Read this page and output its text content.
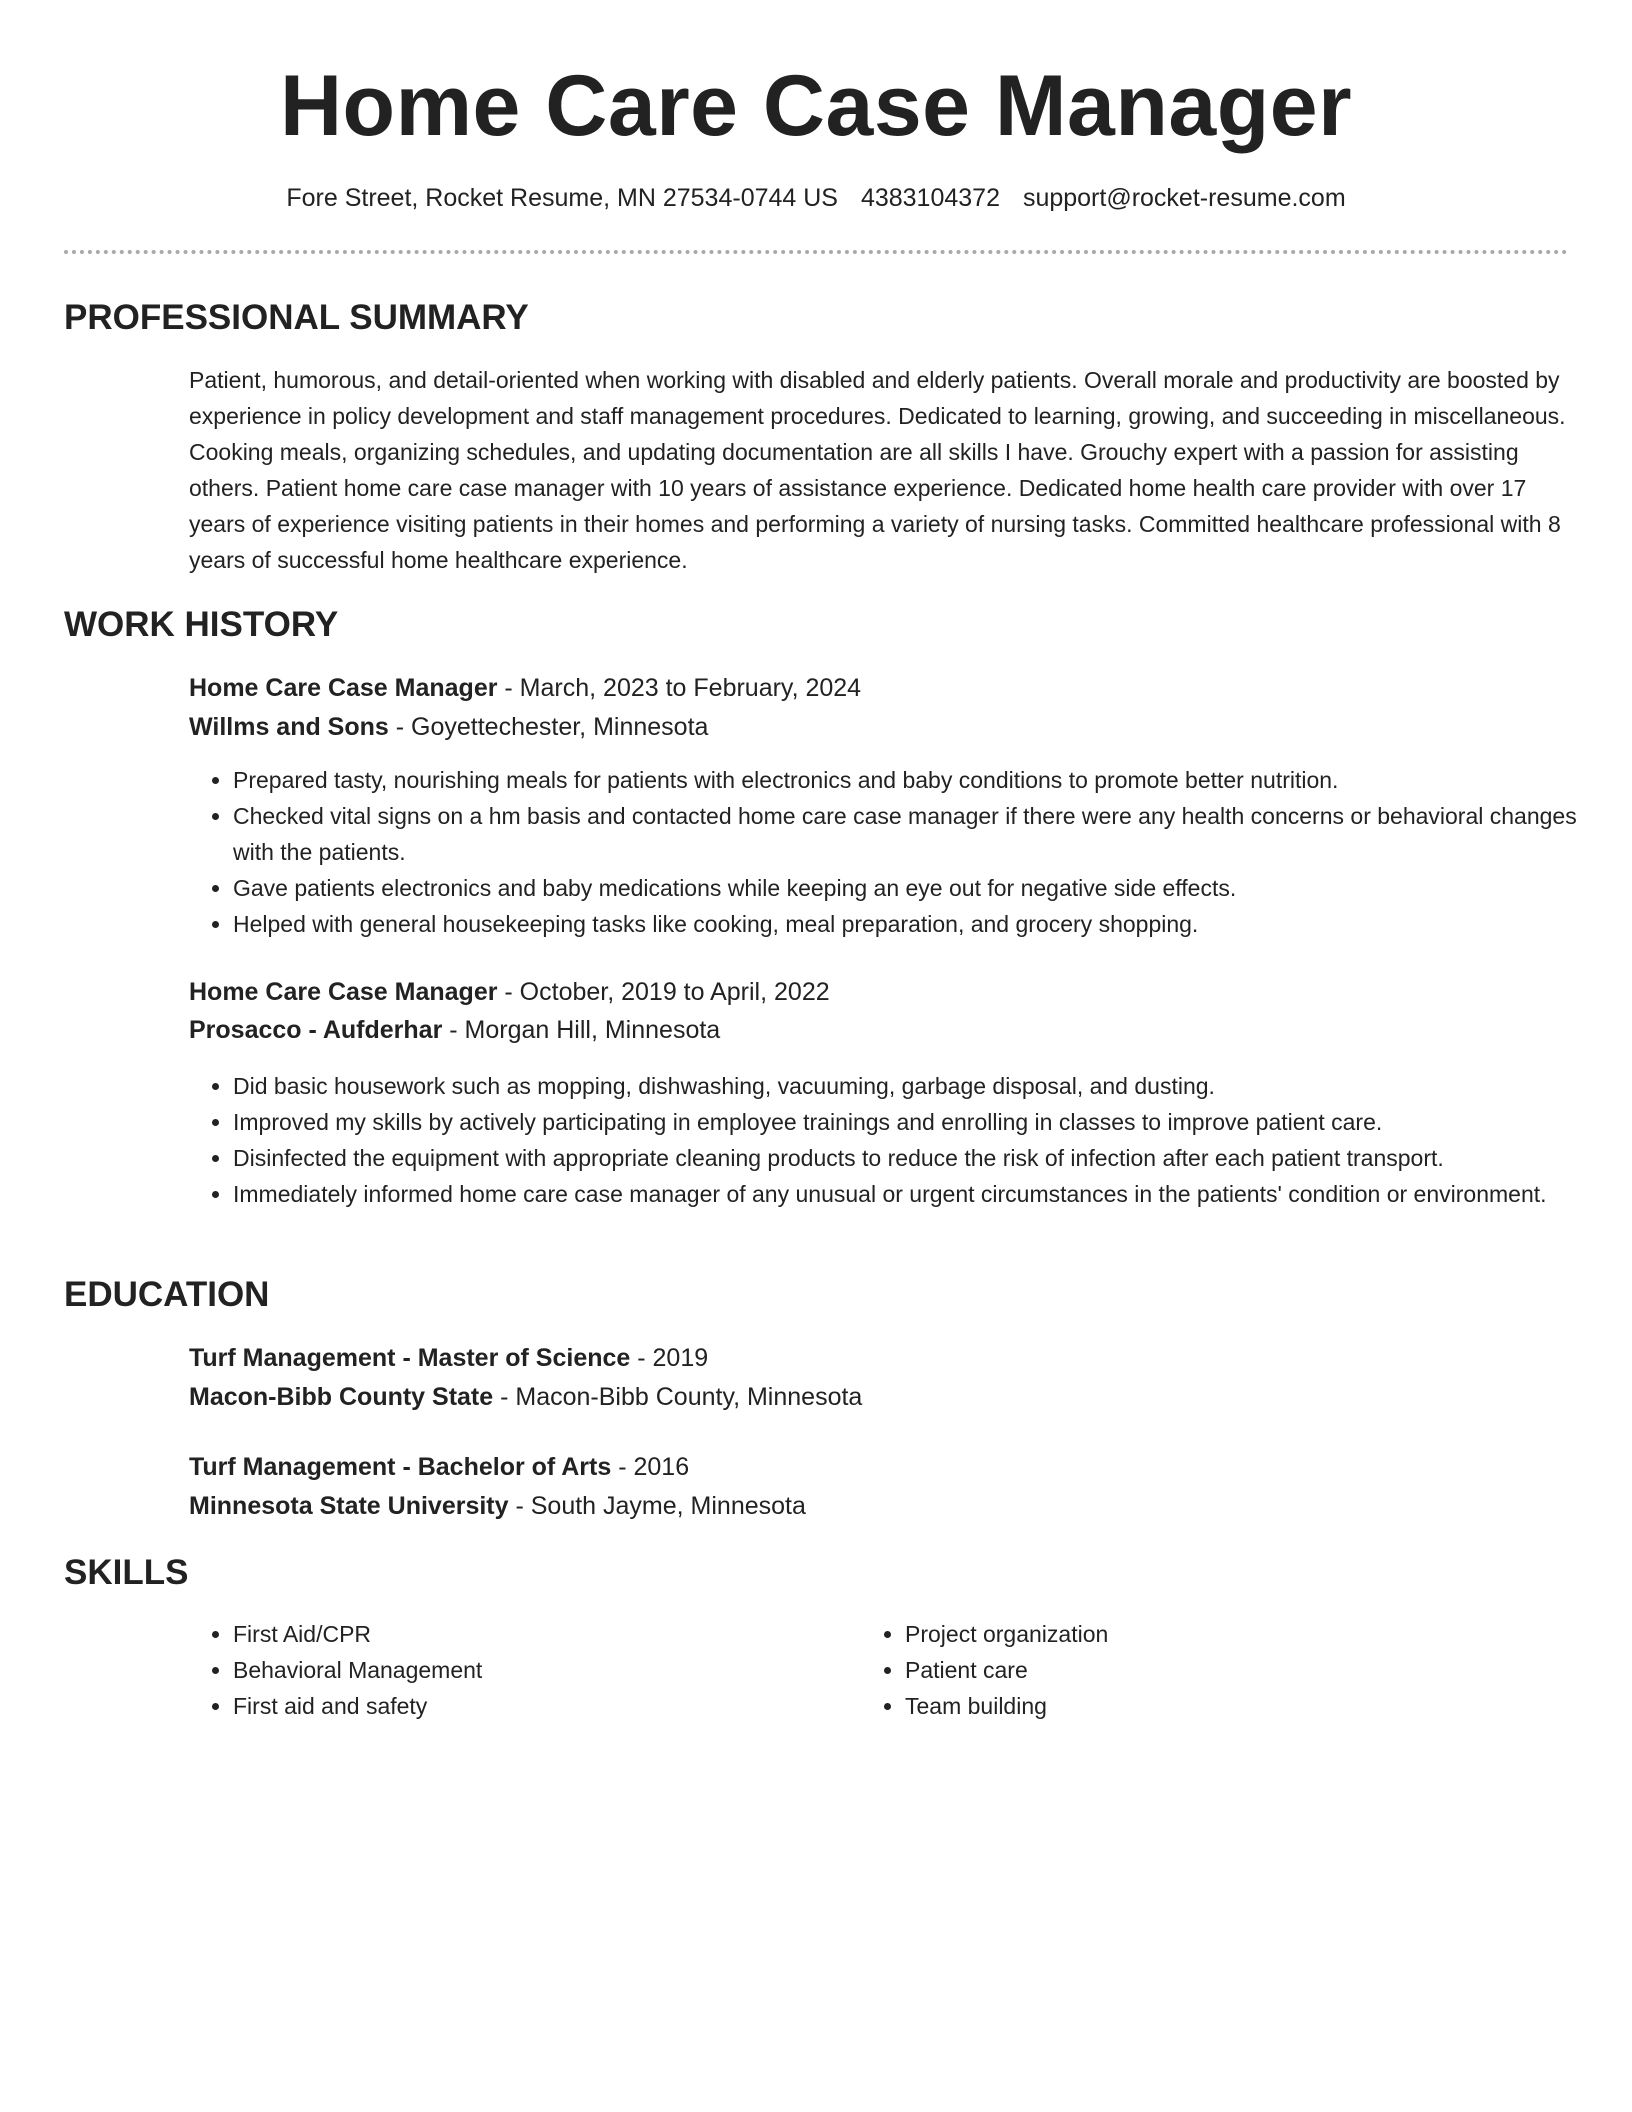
Home Care Case Manager
Fore Street, Rocket Resume, MN 27534-0744 US 4383104372 support@rocket-resume.com
PROFESSIONAL SUMMARY

Patient, humorous, and detail-oriented when working with disabled and elderly patients. Overall morale and productivity are boosted by experience in policy development and staff management procedures. Dedicated to learning, growing, and succeeding in miscellaneous. Cooking meals, organizing schedules, and updating documentation are all skills I have. Grouchy expert with a passion for assisting others. Patient home care case manager with 10 years of assistance experience. Dedicated home health care provider with over 17 years of experience visiting patients in their homes and performing a variety of nursing tasks. Committed healthcare professional with 8 years of successful home healthcare experience.

WORK HISTORY
Home Care Case Manager - March, 2023 to February, 2024
Willms and Sons - Goyettechester, Minnesota
• Prepared tasty, nourishing meals for patients with electronics and baby conditions to promote better nutrition.
• Checked vital signs on a hm basis and contacted home care case manager if there were any health concerns or behavioral changes with the patients.
• Gave patients electronics and baby medications while keeping an eye out for negative side effects.
• Helped with general housekeeping tasks like cooking, meal preparation, and grocery shopping.
Home Care Case Manager - October, 2019 to April, 2022
Prosacco - Aufderhar - Morgan Hill, Minnesota
• Did basic housework such as mopping, dishwashing, vacuuming, garbage disposal, and dusting.
• Improved my skills by actively participating in employee trainings and enrolling in classes to improve patient care.
• Disinfected the equipment with appropriate cleaning products to reduce the risk of infection after each patient transport.
• Immediately informed home care case manager of any unusual or urgent circumstances in the patients' condition or environment.
EDUCATION
Turf Management - Master of Science - 2019
Macon-Bibb County State - Macon-Bibb County, Minnesota
Turf Management - Bachelor of Arts - 2016
Minnesota State University - South Jayme, Minnesota
SKILLS
• First Aid/CPR
• Behavioral Management
• First aid and safety
• Project organization
• Patient care
• Team building
